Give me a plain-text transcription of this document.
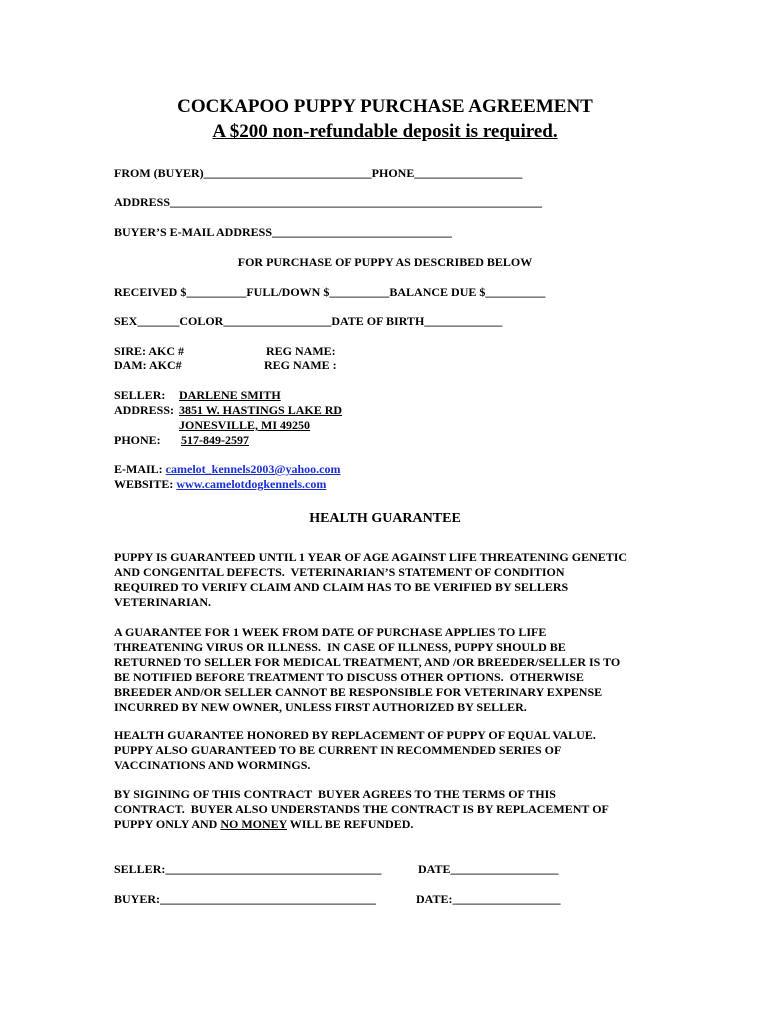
COCKAPOO PUPPY PURCHASE AGREEMENT
A $200 non-refundable deposit is required.
FROM (BUYER)____________________________PHONE__________________
ADDRESS______________________________________________________________
BUYER’S E-MAIL ADDRESS______________________________
FOR PURCHASE OF PUPPY AS DESCRIBED BELOW
RECEIVED $__________FULL/DOWN $__________BALANCE DUE $__________
SEX_______COLOR__________________DATE OF BIRTH_____________
SIRE: AKC #	REG NAME:
DAM: AKC#	REG NAME :
SELLER: DARLENE SMITH
ADDRESS: 3851 W. HASTINGS LAKE RD
JONESVILLE, MI 49250
PHONE: 517-849-2597
E-MAIL: camelot_kennels2003@yahoo.com
WEBSITE: www.camelotdogkennels.com
HEALTH GUARANTEE
PUPPY IS GUARANTEED UNTIL 1 YEAR OF AGE AGAINST LIFE THREATENING GENETIC
AND CONGENITAL DEFECTS.  VETERINARIAN’S STATEMENT OF CONDITION
REQUIRED TO VERIFY CLAIM AND CLAIM HAS TO BE VERIFIED BY SELLERS
VETERINARIAN.
A GUARANTEE FOR 1 WEEK FROM DATE OF PURCHASE APPLIES TO LIFE
THREATENING VIRUS OR ILLNESS.  IN CASE OF ILLNESS, PUPPY SHOULD BE
RETURNED TO SELLER FOR MEDICAL TREATMENT, AND /OR BREEDER/SELLER IS TO
BE NOTIFIED BEFORE TREATMENT TO DISCUSS OTHER OPTIONS.  OTHERWISE
BREEDER AND/OR SELLER CANNOT BE RESPONSIBLE FOR VETERINARY EXPENSE
INCURRED BY NEW OWNER, UNLESS FIRST AUTHORIZED BY SELLER.
HEALTH GUARANTEE HONORED BY REPLACEMENT OF PUPPY OF EQUAL VALUE.
PUPPY ALSO GUARANTEED TO BE CURRENT IN RECOMMENDED SERIES OF
VACCINATIONS AND WORMINGS.
BY SIGINING OF THIS CONTRACT  BUYER AGREES TO THE TERMS OF THIS
CONTRACT.  BUYER ALSO UNDERSTANDS THE CONTRACT IS BY REPLACEMENT OF
PUPPY ONLY AND NO MONEY WILL BE REFUNDED.
SELLER:____________________________________	DATE__________________
BUYER:____________________________________	DATE:__________________
